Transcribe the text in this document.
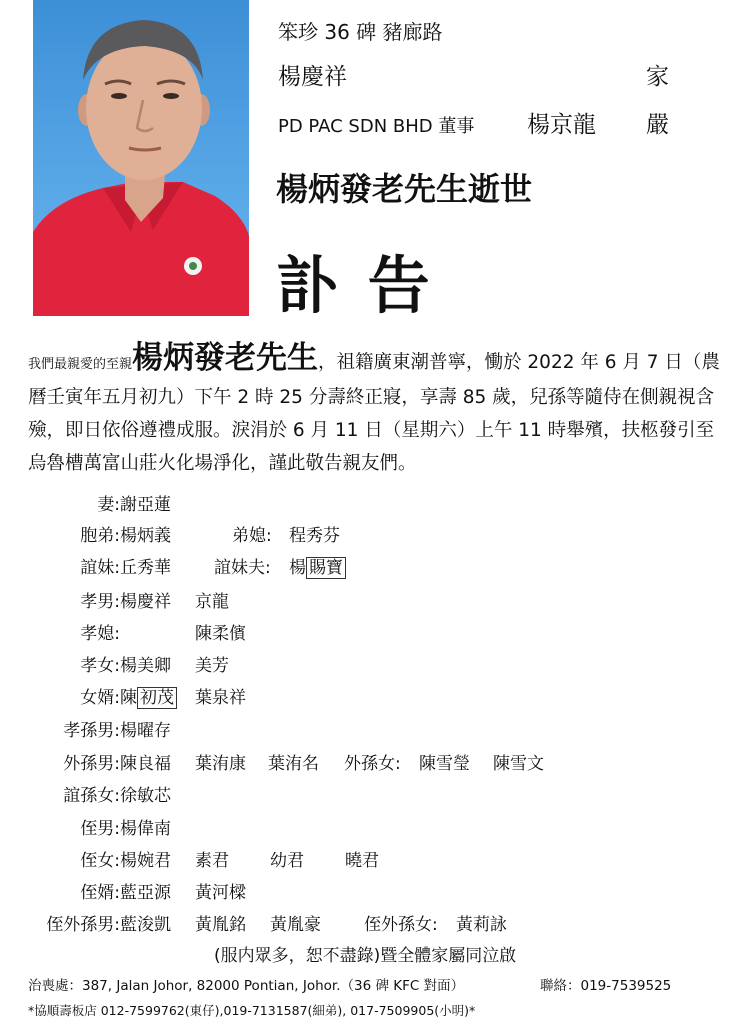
笨珍 36 碑 豬廊路
楊慶祥	家
PD PAC SDN BHD 董事 楊京龍 嚴
楊炳發老先生逝世
訃 告
我們最親愛的至親楊炳發老先生，祖籍廣東潮普寧，慟於 2022 年 6 月 7 日（農曆壬寅年五月初九）下午 2 時 25 分壽終正寢，享壽 85 歲，兒孫等隨侍在側親視含殮，即日依俗遵禮成服。淚涓於 6 月 11 日（星期六）上午 11 時舉殯，扶柩發引至烏魯槽萬富山莊火化場淨化，謹此敬告親友們。
妻: 謝亞蓮
胞弟: 楊炳義	弟媳: 程秀芬
誼妹: 丘秀華	誼妹夫: 楊 賜寶
孝男: 楊慶祥 京龍
孝媳:	陳柔儐
孝女: 楊美卿 美芳
女婿: 陳 初茂 葉泉祥
孝孫男: 楊曜存
外孫男: 陳良福 葉洧康 葉洧名 外孫女: 陳雪瑩 陳雪文
誼孫女: 徐敏芯
侄男: 楊偉南
侄女: 楊婉君 素君 幼君 曉君
侄婿: 藍亞源 黃河樑
侄外孫男: 藍浚凱 黃胤銘 黃胤豪	侄外孫女: 黃莉詠
(服内眾多，恕不盡錄)暨全體家屬同泣啟
治喪處：387, Jalan Johor, 82000 Pontian, Johor.（36 碑 KFC 對面）	聯絡：019-7539525
*協順壽板店 012-7599762(東仔),019-7131587(細弟), 017-7509905(小明)*
